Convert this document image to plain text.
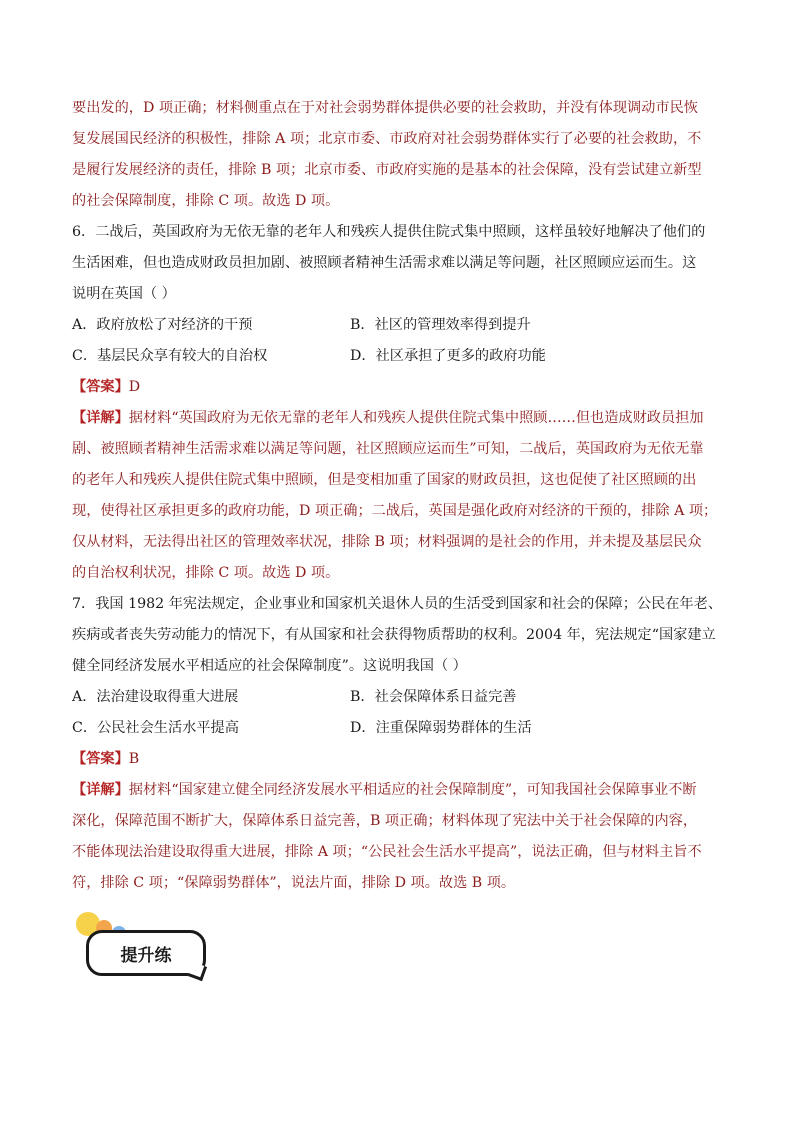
要出发的，D 项正确；材料侧重点在于对社会弱势群体提供必要的社会救助，并没有体现调动市民恢
复发展国民经济的积极性，排除 A 项；北京市委、市政府对社会弱势群体实行了必要的社会救助，不
是履行发展经济的责任，排除 B 项；北京市委、市政府实施的是基本的社会保障，没有尝试建立新型
的社会保障制度，排除 C 项。故选 D 项。
6．二战后，英国政府为无依无靠的老年人和残疾人提供住院式集中照顾，这样虽较好地解决了他们的
生活困难，但也造成财政员担加剧、被照顾者精神生活需求难以满足等问题，社区照顾应运而生。这
说明在英国（ ）
A．政府放松了对经济的干预	B．社区的管理效率得到提升
C．基层民众享有较大的自治权	D．社区承担了更多的政府功能
【答案】D
【详解】据材料“英国政府为无依无靠的老年人和残疾人提供住院式集中照顾……但也造成财政员担加
剧、被照顾者精神生活需求难以满足等问题，社区照顾应运而生”可知，二战后，英国政府为无依无靠
的老年人和残疾人提供住院式集中照顾，但是变相加重了国家的财政员担，这也促使了社区照顾的出
现，使得社区承担更多的政府功能，D 项正确；二战后，英国是强化政府对经济的干预的，排除 A 项；
仅从材料，无法得出社区的管理效率状况，排除 B 项；材料强调的是社会的作用，并未提及基层民众
的自治权利状况，排除 C 项。故选 D 项。
7．我国 1982 年宪法规定，企业事业和国家机关退休人员的生活受到国家和社会的保障；公民在年老、
疾病或者丧失劳动能力的情况下，有从国家和社会获得物质帮助的权利。2004 年，宪法规定“国家建立
健全同经济发展水平相适应的社会保障制度”。这说明我国（ ）
A．法治建设取得重大进展	B．社会保障体系日益完善
C．公民社会生活水平提高	D．注重保障弱势群体的生活
【答案】B
【详解】据材料“国家建立健全同经济发展水平相适应的社会保障制度”，可知我国社会保障事业不断
深化，保障范围不断扩大，保障体系日益完善，B 项正确；材料体现了宪法中关于社会保障的内容，
不能体现法治建设取得重大进展，排除 A 项；“公民社会生活水平提高”，说法正确，但与材料主旨不
符，排除 C 项；“保障弱势群体”，说法片面，排除 D 项。故选 B 项。
提升练
